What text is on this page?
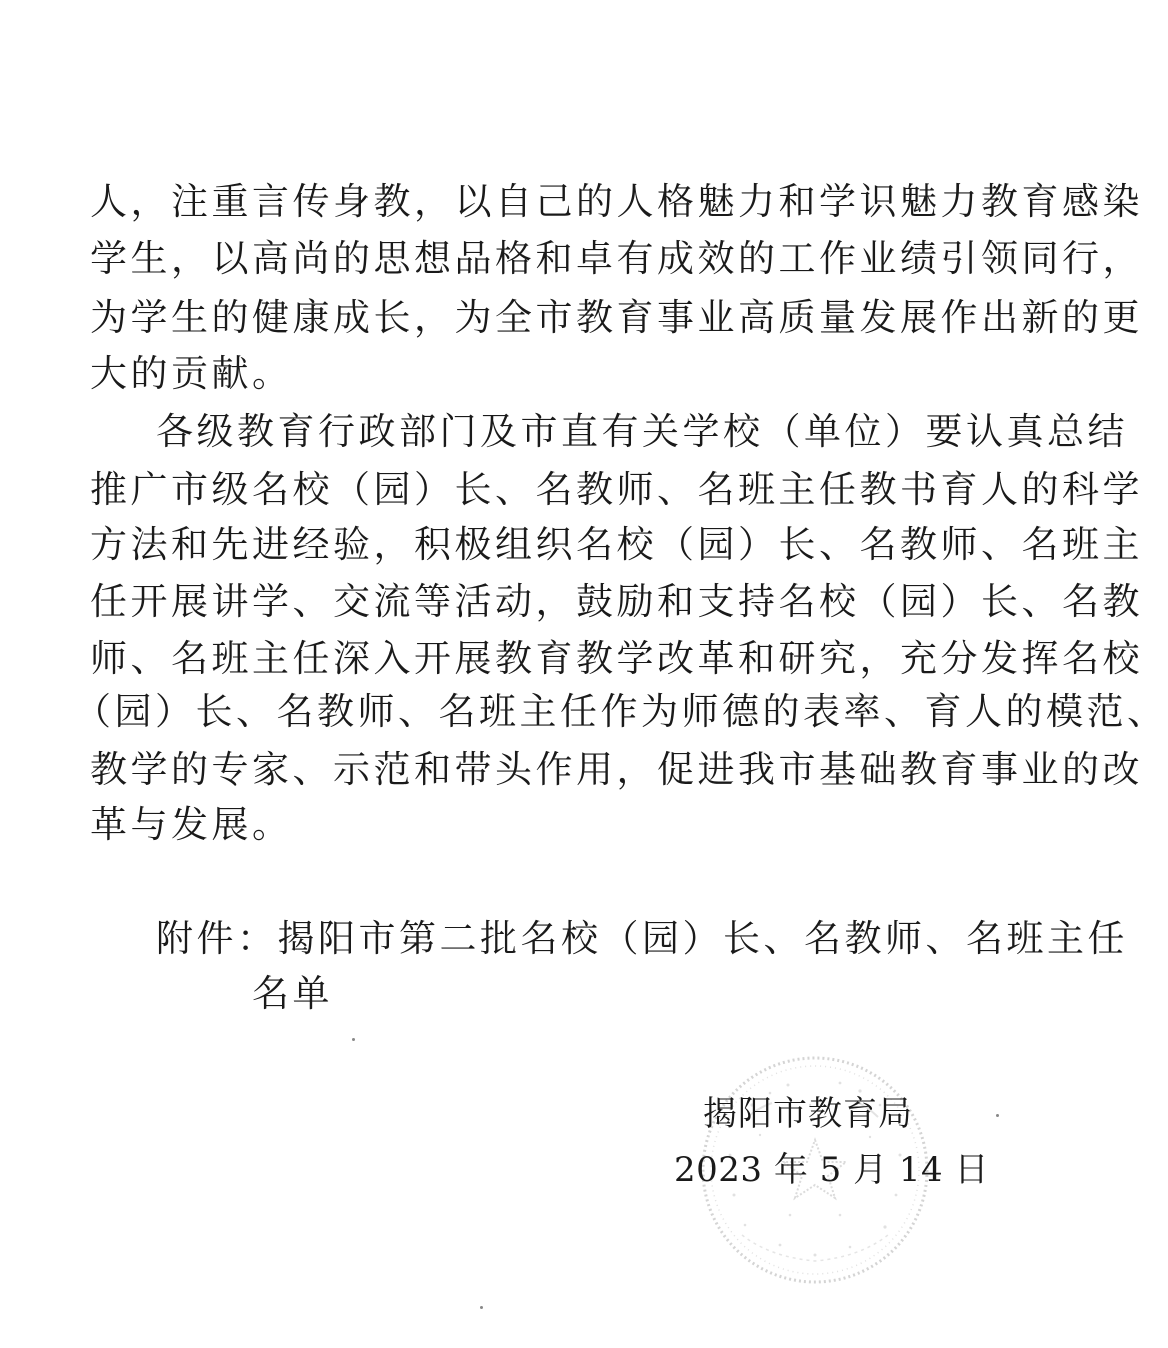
人，注重言传身教，以自己的人格魅力和学识魅力教育感染
学生，以高尚的思想品格和卓有成效的工作业绩引领同行，
为学生的健康成长，为全市教育事业高质量发展作出新的更
大的贡献。
各级教育行政部门及市直有关学校（单位）要认真总结
推广市级名校（园）长、名教师、名班主任教书育人的科学
方法和先进经验，积极组织名校（园）长、名教师、名班主
任开展讲学、交流等活动，鼓励和支持名校（园）长、名教
师、名班主任深入开展教育教学改革和研究，充分发挥名校
（园）长、名教师、名班主任作为师德的表率、育人的模范、
教学的专家、示范和带头作用，促进我市基础教育事业的改
革与发展。
附件：揭阳市第二批名校（园）长、名教师、名班主任
名单
揭阳市教育局
2023 年 5 月 14 日
